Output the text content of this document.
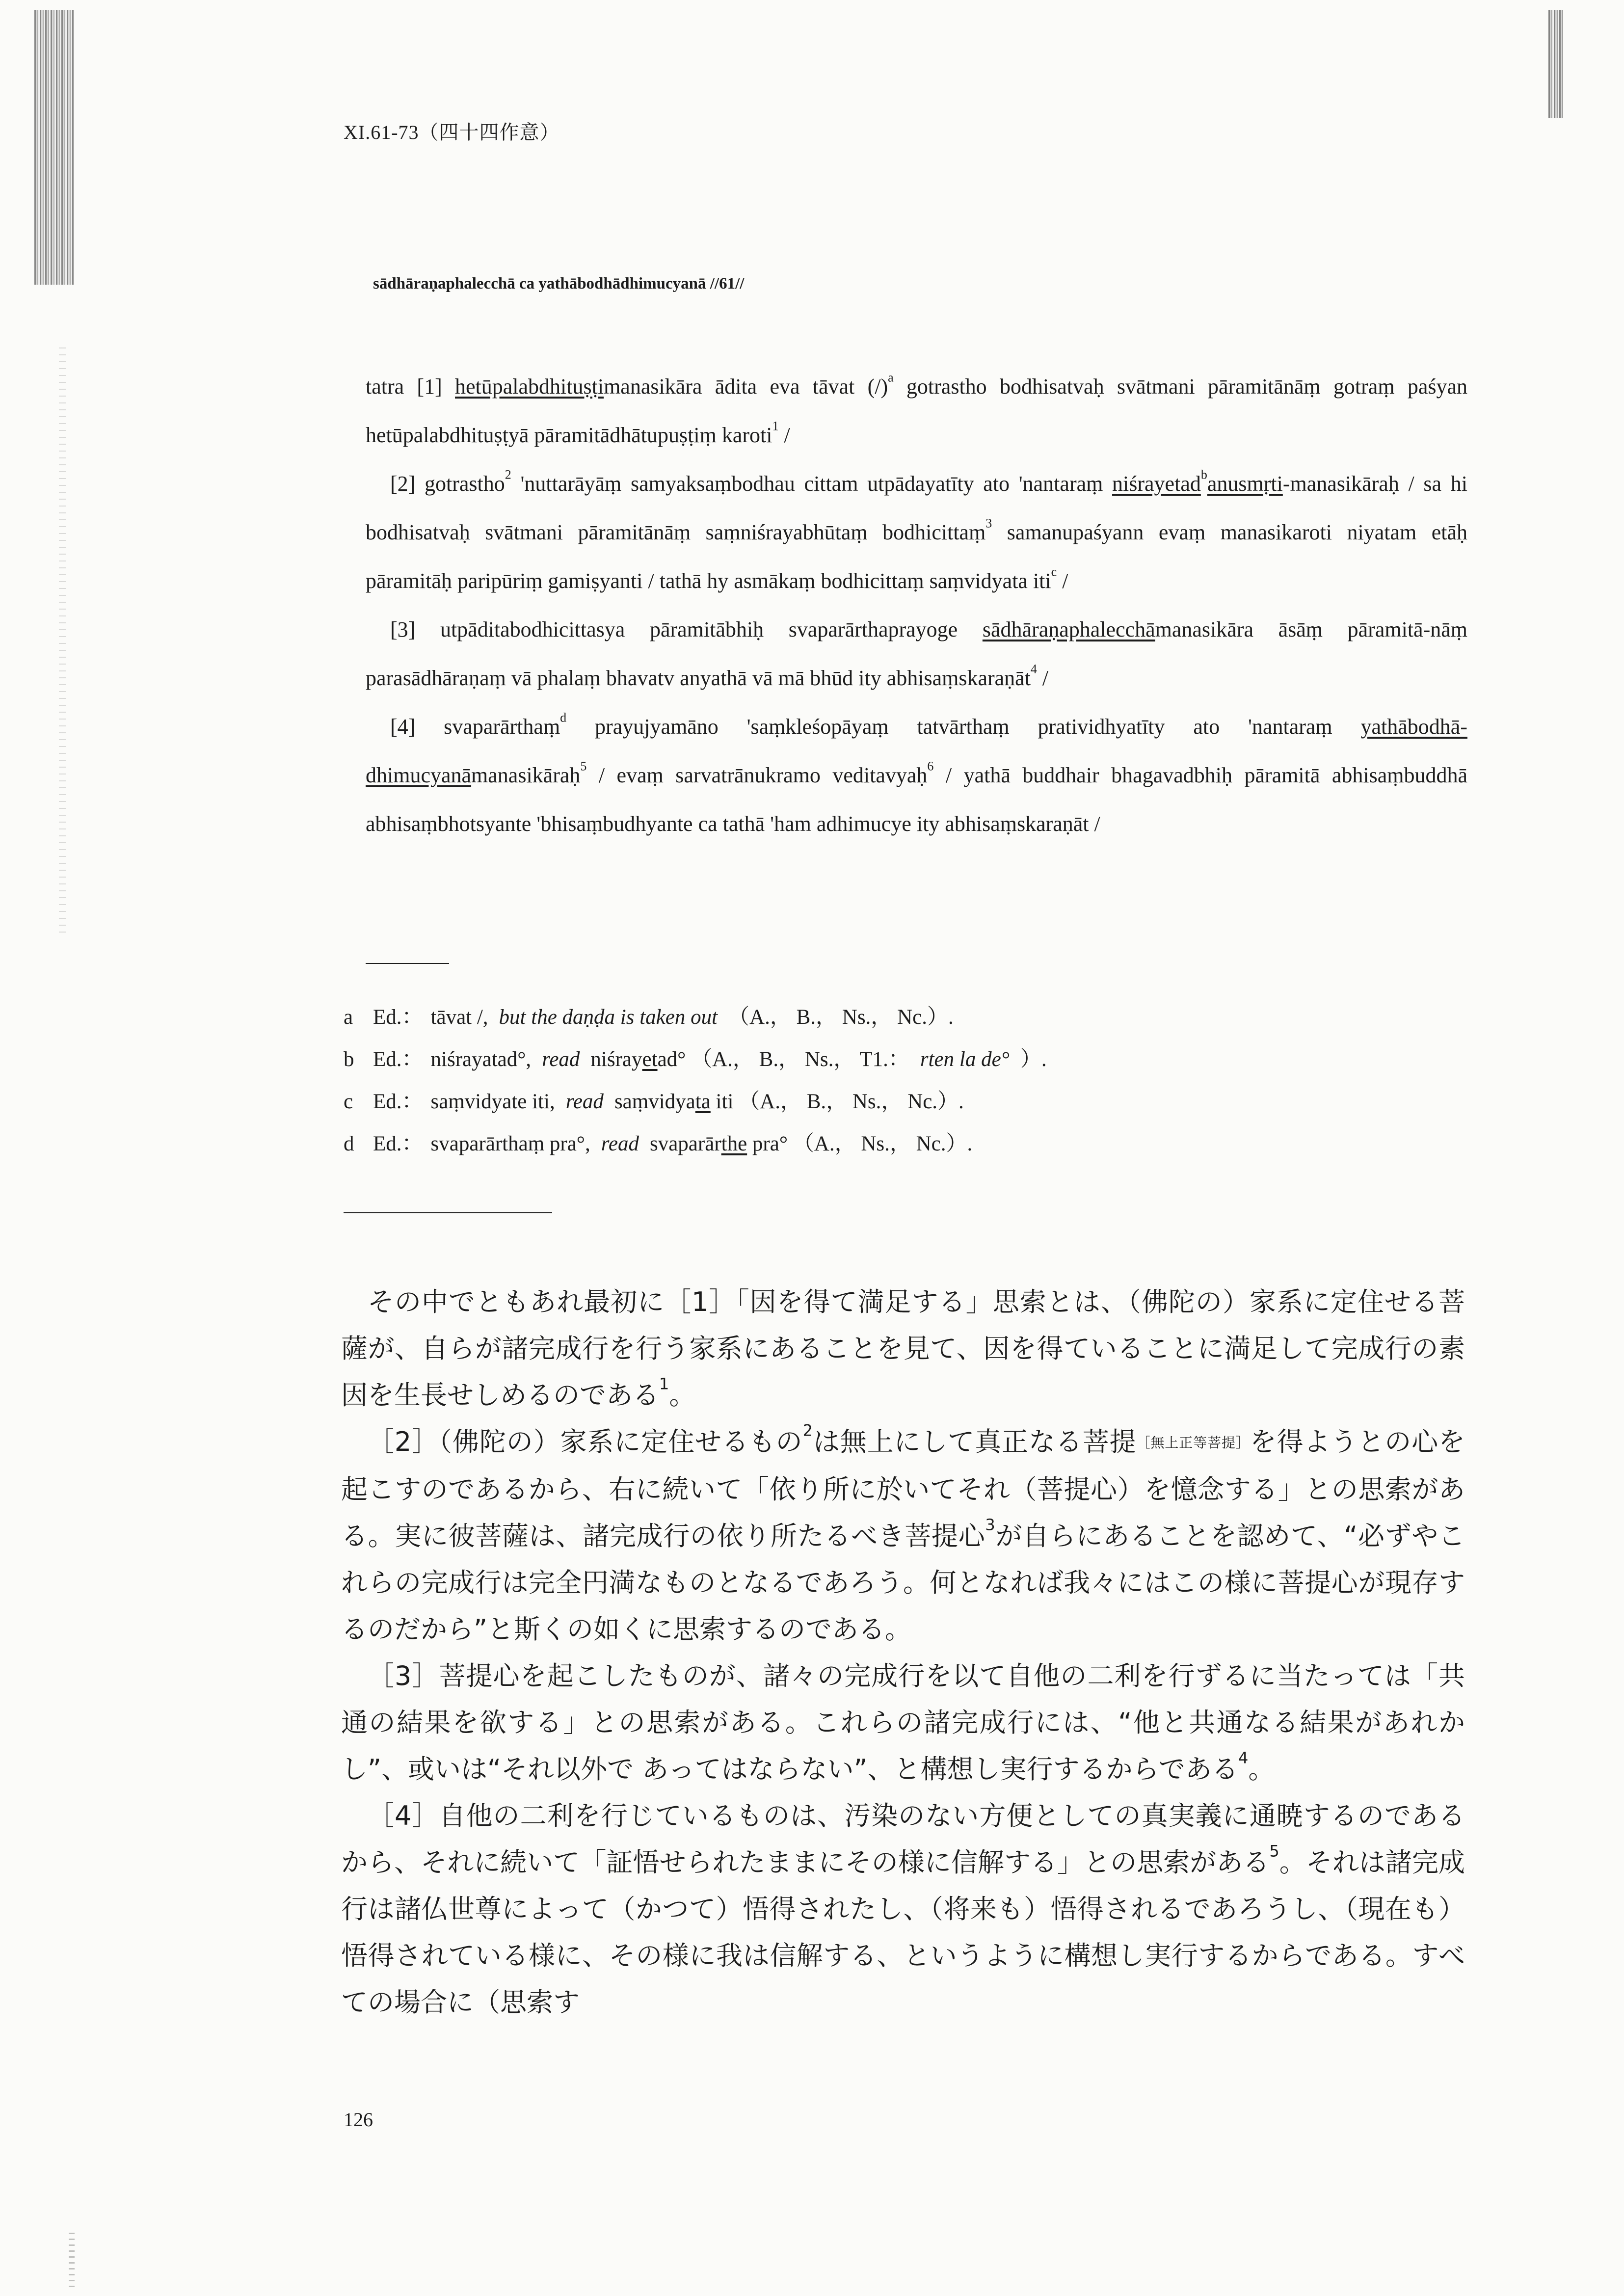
XI.61-73（四十四作意）
sādhāraṇaphalecchā ca yathābodhādhimucyanā //61//

tatra [1] hetūpalabdhituṣṭimanasikāra ādita eva tāvat $(/)^a$ gotrastho bodhisatvaḥ svātmani pāramitānāṃ gotraṃ paśyan hetūpalabdhituṣṭyā pāramitādhātupuṣṭiṃ karoti$^1$ /

[2] gotrastho$^2$ 'nuttarāyāṃ samyaksaṃbodhau cittam utpādayatīty ato 'nantaraṃ niśrayetad$^b$anusmṛti-manasikāraḥ / sa hi bodhisatvaḥ svātmani pāramitānāṃ saṃniśrayabhūtaṃ bodhicittaṃ$^3$ samanupaśyann evaṃ manasikaroti niyatam etāḥ pāramitāḥ paripūriṃ gamiṣyanti / tathā hy asmākaṃ bodhicittaṃ saṃvidyata iti$^c$ /

[3] utpāditabodhicittasya pāramitābhiḥ svaparārthaprayoge sādhāraṇaphalecchāmanasikāra āsāṃ pāramitā-nāṃ parasādhāraṇaṃ vā phalaṃ bhavatv anyathā vā mā bhūd ity abhisaṃskaraṇāt$^4$ /

[4] svaparārthaṃ$^d$ prayujyamāno 'saṃkleśopāyaṃ tatvārthaṃ pratividhyatīty ato 'nantaraṃ yathābodhā-dhimucyanāmanasikāraḥ$^5$ / evaṃ sarvatrānukramo veditavyaḥ$^6$ / yathā buddhair bhagavadbhiḥ pāramitā abhisaṃbuddhā abhisaṃbhotsyante 'bhisaṃbudhyante ca tathā 'ham adhimucye ity abhisaṃskaraṇāt /

a Ed.： tāvat /, but the daṇḍa is taken out （A.， B.， Ns.， Nc.）.
b Ed.： niśrayatad°, read niśrayetad° （A.， B.， Ns.， T1.： rten la de° ）.
c Ed.： saṃvidyate iti, read saṃvidyata iti （A.， B.， Ns.， Nc.）.
d Ed.： svaparārthaṃ pra°, read svaparārthe pra° （A.， Ns.， Nc.）.

その中でともあれ最初に［1］「因を得て満足する」思索とは、（佛陀の）家系に定住せる菩薩が、自らが諸完成行を行う家系にあることを見て、因を得ていることに満足して完成行の素因を生長せしめるのである$^1$。

［2］（佛陀の）家系に定住せるもの$^2$は無上にして真正なる菩提［無上正等菩提］を得ようとの心を起こすのであるから、右に続いて「依り所に於いてそれ（菩提心）を憶念する」との思索がある。実に彼菩薩は、諸完成行の依り所たるべき菩提心$^3$が自らにあることを認めて、“必ずやこれらの完成行は完全円満なものとなるであろう。何となれば我々にはこの様に菩提心が現存するのだから”と斯くの如くに思索するのである。

［3］菩提心を起こしたものが、諸々の完成行を以て自他の二利を行ずるに当たっては「共通の結果を欲する」との思索がある。これらの諸完成行には、“他と共通なる結果があれかし”、或いは“それ以外で あってはならない”、と構想し実行するからである$^4$。

［4］自他の二利を行じているものは、汚染のない方便としての真実義に通暁するのであるから、それに続いて「証悟せられたままにその様に信解する」との思索がある$^5$。それは諸完成行は諸仏世尊によって（かつて）悟得されたし、（将来も）悟得されるであろうし、（現在も）悟得されている様に、その様に我は信解する、というように構想し実行するからである。すべての場合に（思索す

126
